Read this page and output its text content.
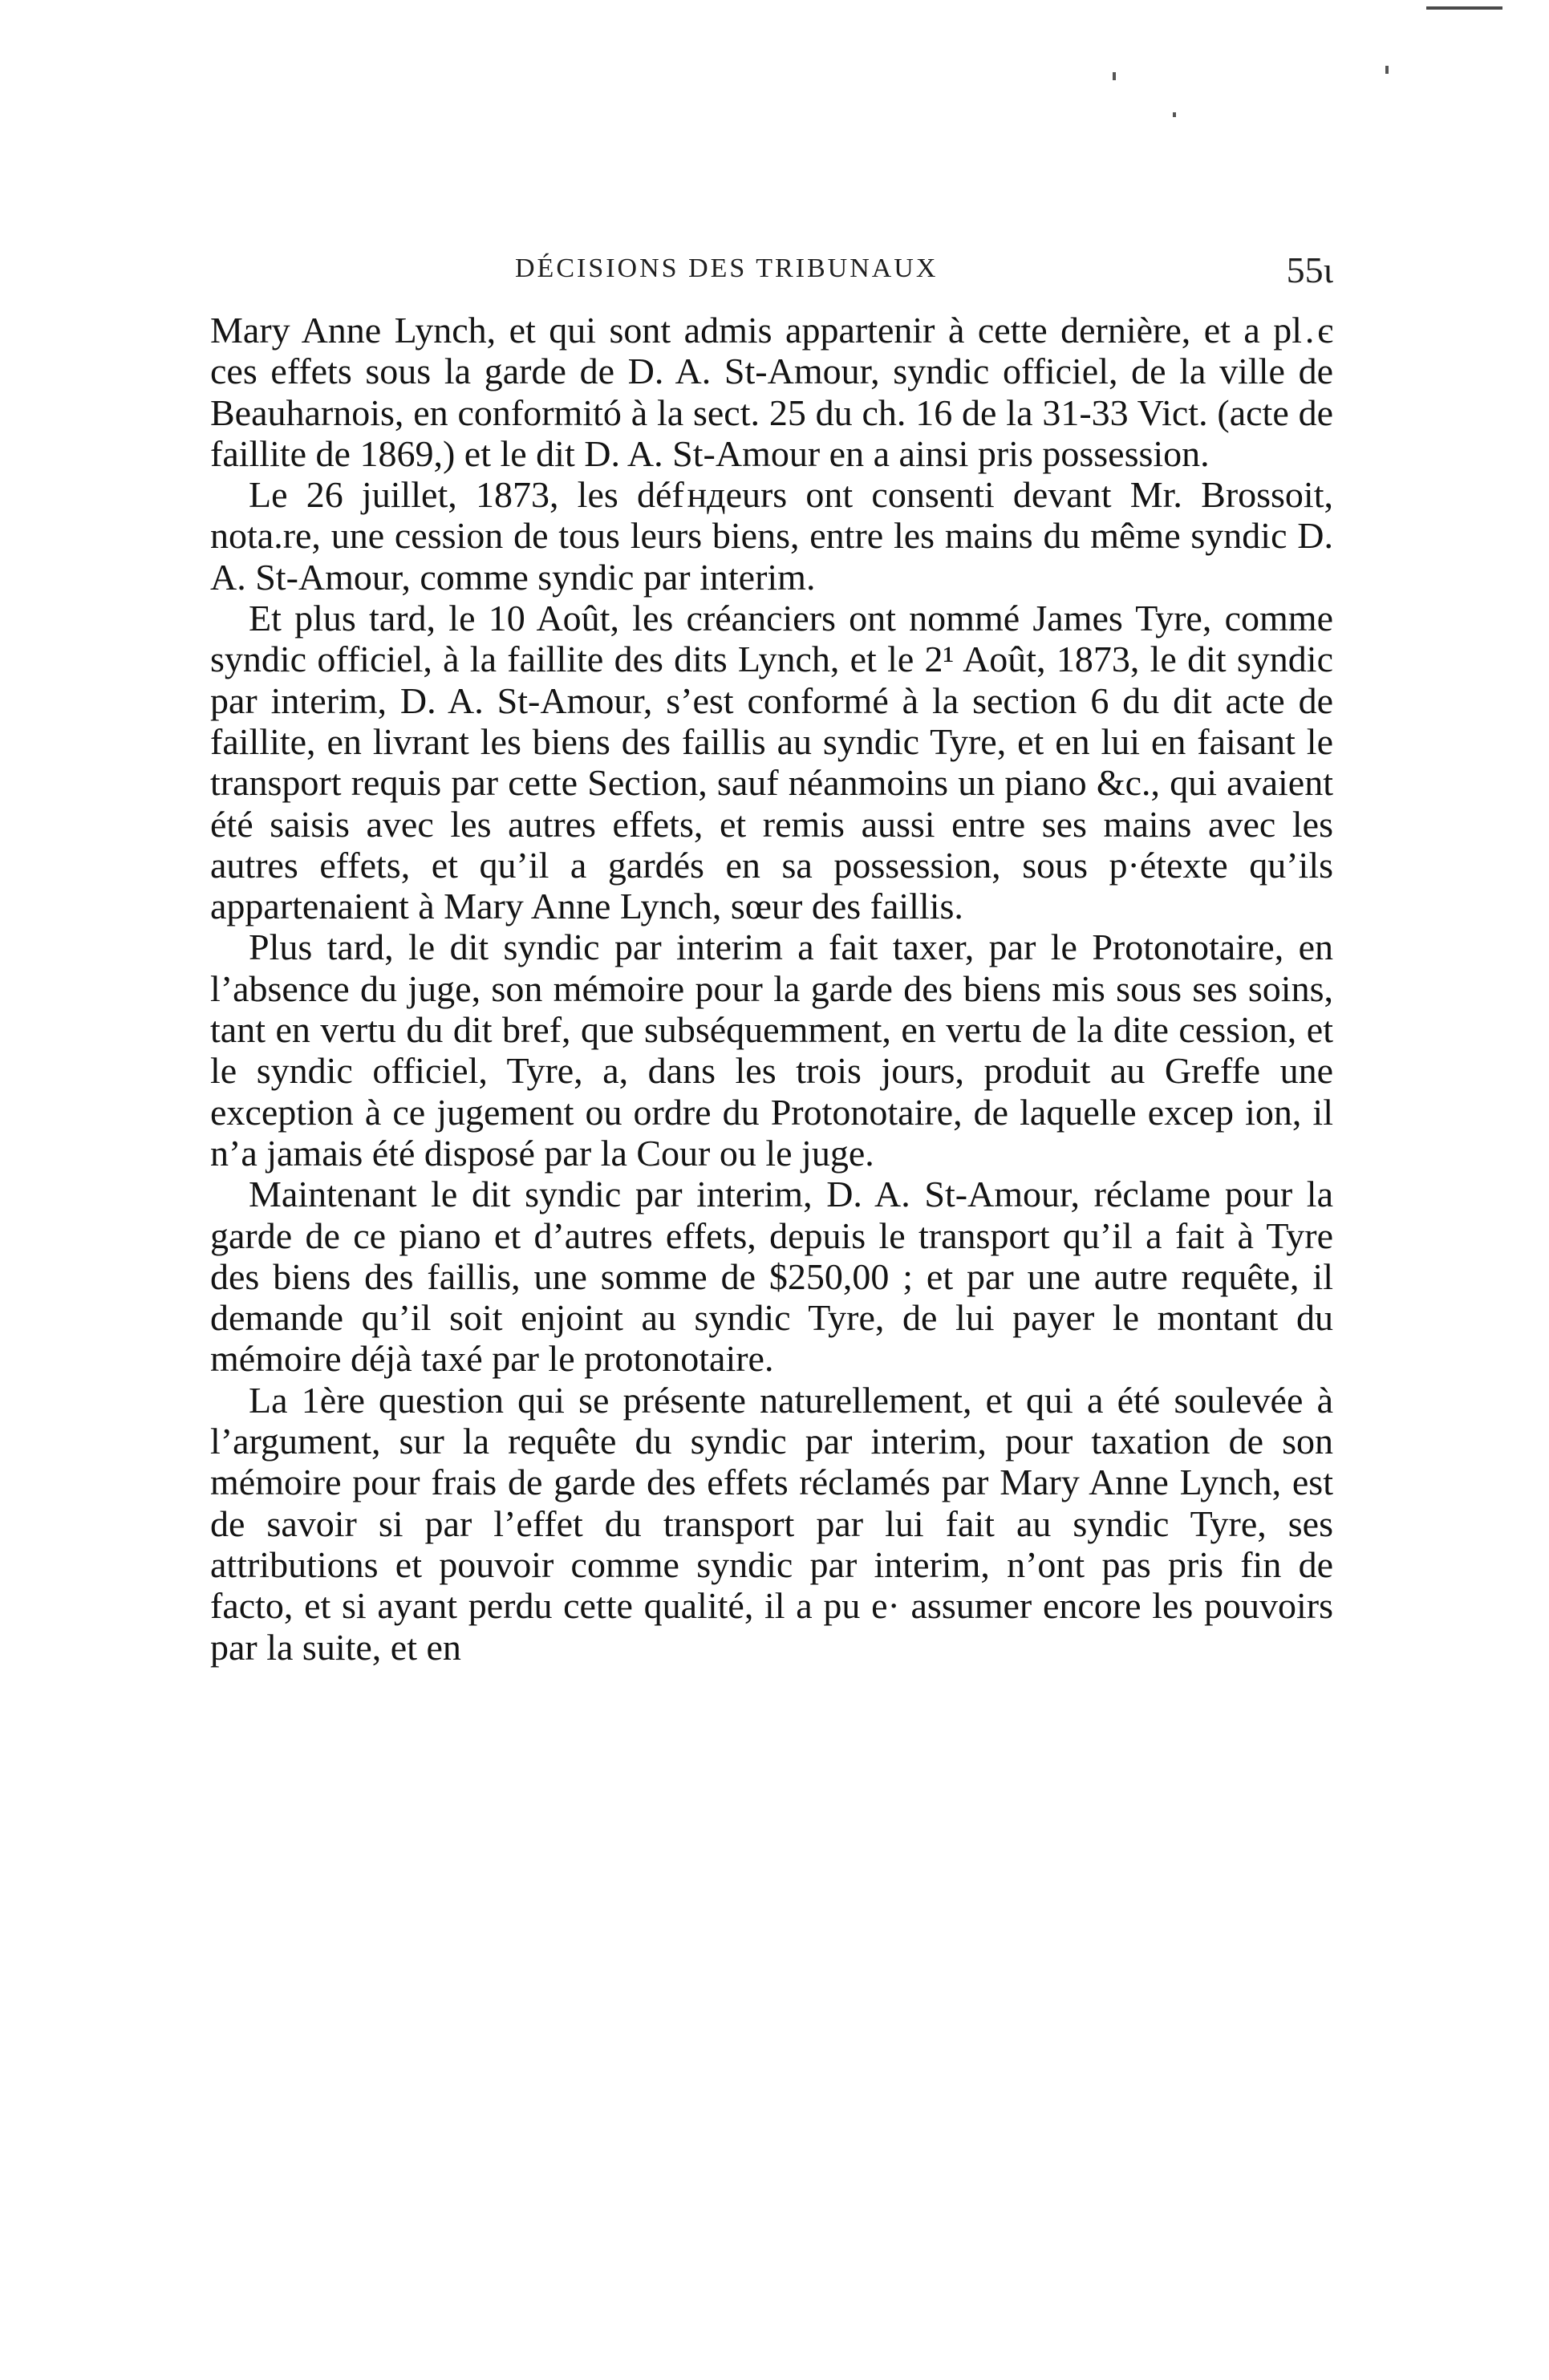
DÉCISIONS DES TRIBUNAUX	55ɩ

Mary Anne Lynch, et qui sont admis appartenir à cette dernière, et a pl . є ces effets sous la garde de D. A. St-Amour, syndic officiel, de la ville de Beauharnois, en conformitó à la sect. 25 du ch. 16 de la 31-33 Vict. (acte de faillite de 1869,) et le dit D. A. St-Amour en a ainsi pris possession.

Le 26 juillet, 1873, les déf ндeurs ont consenti devant Mr. Brossoit, nota.re, une cession de tous leurs biens, entre les mains du même syndic D. A. St-Amour, comme syndic par interim.

Et plus tard, le 10 Août, les créanciers ont nommé James Tyre, comme syndic officiel, à la faillite des dits Lynch, et le 2¹ Août, 1873, le dit syndic par interim, D. A. St-Amour, s’est conformé à la section 6 du dit acte de faillite, en livrant les biens des faillis au syndic Tyre, et en lui en faisant le transport requis par cette Section, sauf néanmoins un piano &c., qui avaient été saisis avec les autres effets, et remis aussi entre ses mains avec les autres effets, et qu’il a gardés en sa possession, sous p·étexte qu’ils appartenaient à Mary Anne Lynch, sœur des faillis.

Plus tard, le dit syndic par interim a fait taxer, par le Protonotaire, en l’absence du juge, son mémoire pour la garde des biens mis sous ses soins, tant en vertu du dit bref, que subséquemment, en vertu de la dite cession, et le syndic officiel, Tyre, a, dans les trois jours, produit au Greffe une exception à ce jugement ou ordre du Protonotaire, de laquelle excep ion, il n’a jamais été disposé par la Cour ou le juge.

Maintenant le dit syndic par interim, D. A. St-Amour, réclame pour la garde de ce piano et d’autres effets, depuis le transport qu’il a fait à Tyre des biens des faillis, une somme de $250,00 ; et par une autre requête, il demande qu’il soit enjoint au syndic Tyre, de lui payer le montant du mémoire déjà taxé par le protonotaire.

La 1ère question qui se présente naturellement, et qui a été soulevée à l’argument, sur la requête du syndic par interim, pour taxation de son mémoire pour frais de garde des effets réclamés par Mary Anne Lynch, est de savoir si par l’effet du transport par lui fait au syndic Tyre, ses attributions et pouvoir comme syndic par interim, n’ont pas pris fin de facto, et si ayant perdu cette qualité, il a pu e· assumer encore les pouvoirs par la suite, et en
